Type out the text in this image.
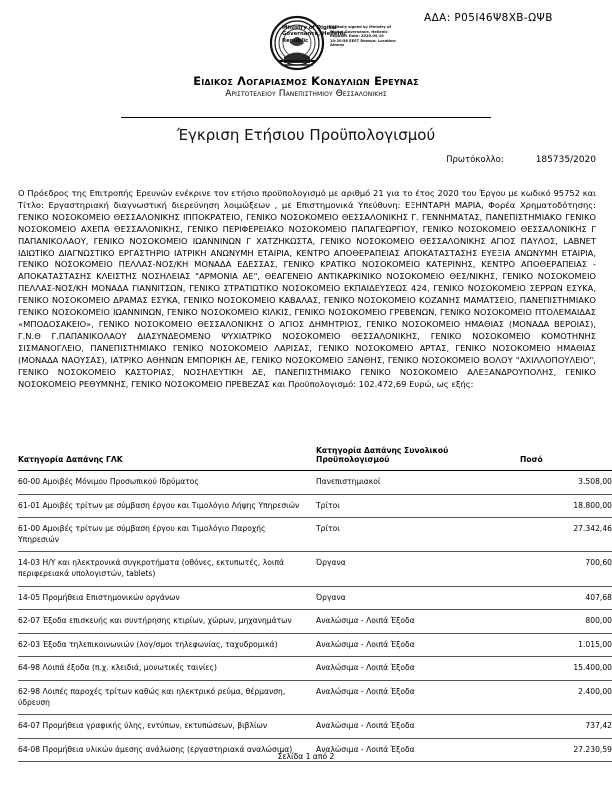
Ministry of Digital Governance, Hellenic Republic
Digitally signed by Ministry of Digital Governance, Hellenic Republic Date: 2020.09.10 10:20:56 EEST Reason: Location: Athens
ΑΔΑ: Ρ05Ι46Ψ8ΧΒ-ΩΨΒ
Ειδικοσ Λογαριασμοσ Κονδυλιων Ερευνασ
Αριστοτελειου Πανεπιστημιου Θεσσαλονικησ
Έγκριση Ετήσιου Προϋπολογισμού
Πρωτόκολλο:	185735/2020
Ο Πρόεδρος της Επιτροπής Ερευνών ενέκρινε τον ετήσιο προϋπολογισμό με αριθμό 21 για το έτος 2020 του Έργου με κωδικό 95752 και Τίτλο: Εργαστηριακή διαγνωστική διερεύνηση λοιμώξεων , με Επιστημονικά Υπεύθυνη: ΕΞΗΝΤΑΡΗ ΜΑΡΙΑ, Φορέα Χρηματοδότησης: ΓΕΝΙΚΟ ΝΟΣΟΚΟΜΕΙΟ ΘΕΣΣΑΛΟΝΙΚΗΣ ΙΠΠΟΚΡΑΤΕΙΟ, ΓΕΝΙΚΟ ΝΟΣΟΚΟΜΕΙΟ ΘΕΣΣΑΛΟΝΙΚΗΣ Γ. ΓΕΝΝΗΜΑΤΑΣ, ΠΑΝΕΠΙΣΤΗΜΙΑΚΟ ΓΕΝΙΚΟ ΝΟΣΟΚΟΜΕΙΟ ΑΧΕΠΑ ΘΕΣΣΑΛΟΝΙΚΗΣ, ΓΕΝΙΚΟ ΠΕΡΙΦΕΡΕΙΑΚΟ ΝΟΣΟΚΟΜΕΙΟ ΠΑΠΑΓΕΩΡΓΙΟΥ, ΓΕΝΙΚΟ ΝΟΣΟΚΟΜΕΙΟ ΘΕΣΣΑΛΟΝΙΚΗΣ Γ ΠΑΠΑΝΙΚΟΛΑΟΥ, ΓΕΝΙΚΟ ΝΟΣΟΚΟΜΕΙΟ ΙΩΑΝΝΙΝΩΝ Γ ΧΑΤΖΗΚΩΣΤΑ, ΓΕΝΙΚΟ ΝΟΣΟΚΟΜΕΙΟ ΘΕΣΣΑΛΟΝΙΚΗΣ ΑΓΙΟΣ ΠΑΥΛΟΣ, LABNET ΙΔΙΩΤΙΚΟ ΔΙΑΓΝΩΣΤΙΚΟ ΕΡΓΑΣΤΗΡΙΟ ΙΑΤΡΙΚΗ ΑΝΩΝΥΜΗ ΕΤΑΙΡΙΑ, ΚΕΝΤΡΟ ΑΠΟΘΕΡΑΠΕΙΑΣ ΑΠΟΚΑΤΑΣΤΑΣΗΣ ΕΥΕΞΙΑ ΑΝΩΝΥΜΗ ΕΤΑΙΡΙΑ, ΓΕΝΙΚΟ ΝΟΣΟΚΟΜΕΙΟ ΠΕΛΛΑΣ-ΝΟΣ/ΚΗ ΜΟΝΑΔΑ ΕΔΕΣΣΑΣ, ΓΕΝΙΚΟ ΚΡΑΤΙΚΟ ΝΟΣΟΚΟΜΕΙΟ ΚΑΤΕΡΙΝΗΣ, ΚΕΝΤΡΟ ΑΠΟΘΕΡΑΠΕΙΑΣ - ΑΠΟΚΑΤΑΣΤΑΣΗΣ ΚΛΕΙΣΤΗΣ ΝΟΣΗΛΕΙΑΣ "ΑΡΜΟΝΙΑ ΑΕ", ΘΕΑΓΕΝΕΙΟ ΑΝΤΙΚΑΡΚΙΝΙΚΟ ΝΟΣΟΚΟΜΕΙΟ ΘΕΣ/ΝΙΚΗΣ, ΓΕΝΙΚΟ ΝΟΣΟΚΟΜΕΙΟ ΠΕΛΛΑΣ-ΝΟΣ/ΚΗ ΜΟΝΑΔΑ ΓΙΑΝΝΙΤΣΩΝ, ΓΕΝΙΚΟ ΣΤΡΑΤΙΩΤΙΚΟ ΝΟΣΟΚΟΜΕΙΟ ΕΚΠΑΙΔΕΥΣΕΩΣ 424, ΓΕΝΙΚΟ ΝΟΣΟΚΟΜΕΙΟ ΣΕΡΡΩΝ ΕΣΥΚΑ, ΓΕΝΙΚΟ ΝΟΣΟΚΟΜΕΙΟ ΔΡΑΜΑΣ ΕΣΥΚΑ, ΓΕΝΙΚΟ ΝΟΣΟΚΟΜΕΙΟ ΚΑΒΑΛΑΣ, ΓΕΝΙΚΟ ΝΟΣΟΚΟΜΕΙΟ ΚΟΖΑΝΗΣ ΜΑΜΑΤΣΕΙΟ, ΠΑΝΕΠΙΣΤΗΜΙΑΚΟ ΓΕΝΙΚΟ ΝΟΣΟΚΟΜΕΙΟ ΙΩΑΝΝΙΝΩΝ, ΓΕΝΙΚΟ ΝΟΣΟΚΟΜΕΙΟ ΚΙΛΚΙΣ, ΓΕΝΙΚΟ ΝΟΣΟΚΟΜΕΙΟ ΓΡΕΒΕΝΩΝ, ΓΕΝΙΚΟ ΝΟΣΟΚΟΜΕΙΟ ΠΤΟΛΕΜΑΙΔΑΣ «ΜΠΟΔΟΣΑΚΕΙΟ», ΓΕΝΙΚΟ ΝΟΣΟΚΟΜΕΙΟ ΘΕΣΣΑΛΟΝΙΚΗΣ Ο ΑΓΙΟΣ ΔΗΜΗΤΡΙΟΣ, ΓΕΝΙΚΟ ΝΟΣΟΚΟΜΕΙΟ ΗΜΑΘΙΑΣ (ΜΟΝΑΔΑ ΒΕΡΟΙΑΣ), Γ.Ν.Θ Γ.ΠΑΠΑΝΙΚΟΛΑΟΥ ΔΙΑΣΥΝΔΕΟΜΕΝΟ ΨΥΧΙΑΤΡΙΚΟ ΝΟΣΟΚΟΜΕΙΟ ΘΕΣΣΑΛΟΝΙΚΗΣ, ΓΕΝΙΚΟ ΝΟΣΟΚΟΜΕΙΟ ΚΟΜΟΤΗΝΗΣ ΣΙΣΜΑΝΟΓΛΕΙΟ, ΠΑΝΕΠΙΣΤΗΜΙΑΚΟ ΓΕΝΙΚΟ ΝΟΣΟΚΟΜΕΙΟ ΛΑΡΙΣΑΣ, ΓΕΝΙΚΟ ΝΟΣΟΚΟΜΕΙΟ ΑΡΤΑΣ, ΓΕΝΙΚΟ ΝΟΣΟΚΟΜΕΙΟ ΗΜΑΘΙΑΣ (ΜΟΝΑΔΑ ΝΑΟΥΣΑΣ), ΙΑΤΡΙΚΟ ΑΘΗΝΩΝ ΕΜΠΟΡΙΚΗ ΑΕ, ΓΕΝΙΚΟ ΝΟΣΟΚΟΜΕΙΟ ΞΑΝΘΗΣ, ΓΕΝΙΚΟ ΝΟΣΟΚΟΜΕΙΟ ΒΟΛΟΥ "ΑΧΙΛΛΟΠΟΥΛΕΙΟ", ΓΕΝΙΚΟ ΝΟΣΟΚΟΜΕΙΟ ΚΑΣΤΟΡΙΑΣ, ΝΟΣΗΛΕΥΤΙΚΗ ΑΕ, ΠΑΝΕΠΙΣΤΗΜΙΑΚΟ ΓΕΝΙΚΟ ΝΟΣΟΚΟΜΕΙΟ ΑΛΕΞΑΝΔΡΟΥΠΟΛΗΣ, ΓΕΝΙΚΟ ΝΟΣΟΚΟΜΕΙΟ ΡΕΘΥΜΝΗΣ, ΓΕΝΙΚΟ ΝΟΣΟΚΟΜΕΙΟ ΠΡΕΒΕΖΑΣ και Προϋπολογισμό: 102.472,69 Ευρώ, ως εξής:
Κατηγορία Δαπάνης ΓΛΚ	Κατηγορία Δαπάνης Συνολικού Προϋπολογισμού	Ποσό
60-00 Αμοιβές Μόνιμου Προσωπικού Ιδρύματος	Πανεπιστημιακοί	3.508,00
61-01 Αμοιβές τρίτων με σύμβαση έργου και Τιμολόγιο Λήψης Υπηρεσιών	Τρίτοι	18.800,00
61-00 Αμοιβές τρίτων με σύμβαση έργου και Τιμολόγιο Παροχής Υπηρεσιών	Τρίτοι	27.342,46
14-03 Η/Υ και ηλεκτρονικά συγκροτήματα (οθόνες, εκτυπωτές, λοιπά περιφερειακά υπολογιστών, tablets)	Όργανα	700,60
14-05 Προμήθεια Επιστημονικών οργάνων	Όργανα	407,68
62-07 Έξοδα επισκευής και συντήρησης κτιρίων, χώρων, μηχανημάτων	Αναλώσιμα - Λοιπά Έξοδα	800,00
62-03 Έξοδα τηλεπικοινωνιών (λογ/σμοι τηλεφωνίας, ταχυδρομικά)	Αναλώσιμα - Λοιπά Έξοδα	1.015,00
64-98 Λοιπά έξοδα (π.χ. κλειδιά, μονωτικές ταινίες)	Αναλώσιμα - Λοιπά Έξοδα	15.400,00
62-98 Λοιπές παροχές τρίτων καθώς και ηλεκτρικό ρεύμα, θέρμανση, ύδρευση	Αναλώσιμα - Λοιπά Έξοδα	2.400,00
64-07 Προμήθεια γραφικής ύλης, εντύπων, εκτυπώσεων, βιβλίων	Αναλώσιμα - Λοιπά Έξοδα	737,42
64-08 Προμήθεια υλικών άμεσης ανάλωσης (εργαστηριακά αναλώσιμα)	Αναλώσιμα - Λοιπά Έξοδα	27.230,59
Σελίδα 1 από 2
